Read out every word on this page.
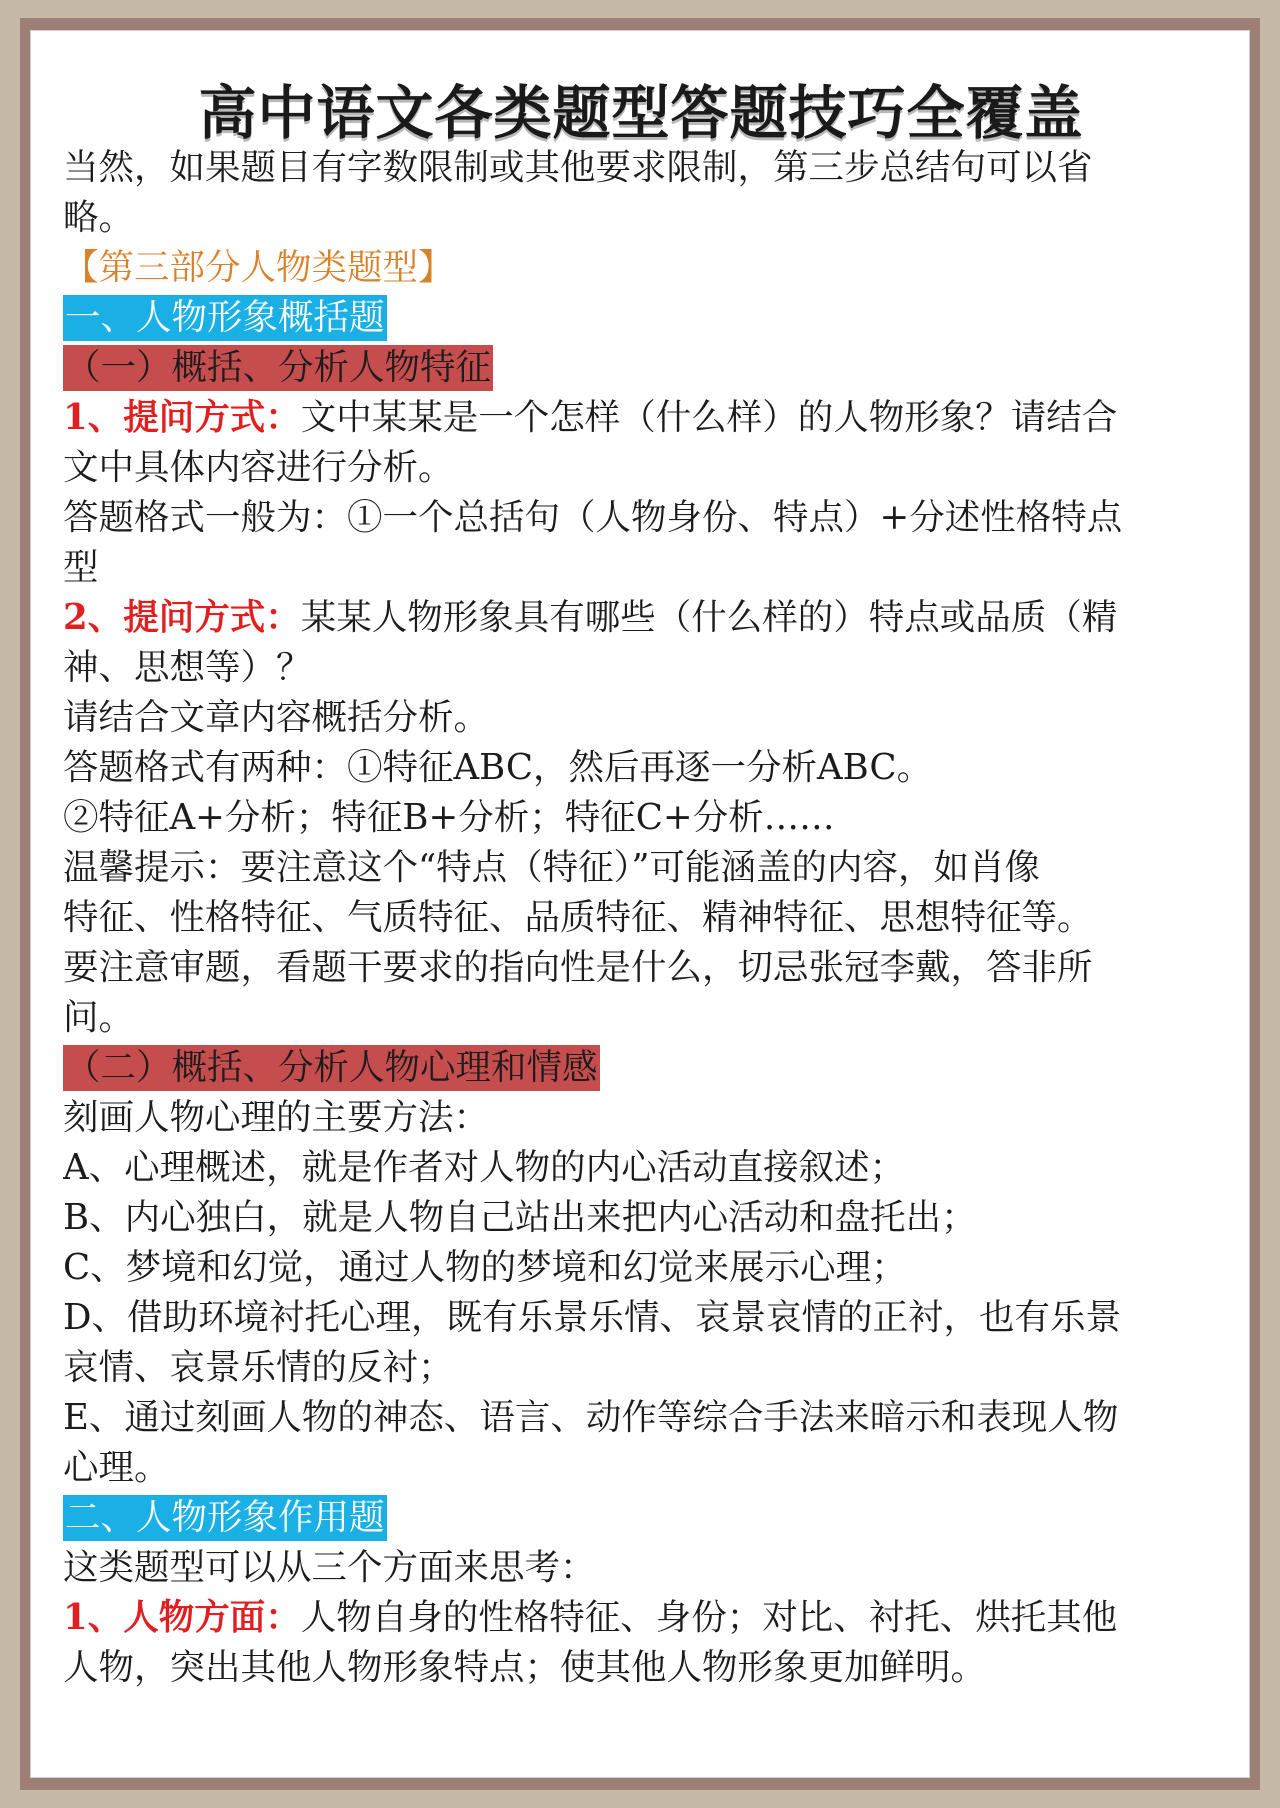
高中语文各类题型答题技巧全覆盖
当然，如果题目有字数限制或其他要求限制，第三步总结句可以省
略。
【第三部分人物类题型】
一、人物形象概括题
（一）概括、分析人物特征
1、提问方式：文中某某是一个怎样（什么样）的人物形象？请结合
文中具体内容进行分析。
答题格式一般为：①一个总括句（人物身份、特点）+分述性格特点
型
2、提问方式：某某人物形象具有哪些（什么样的）特点或品质（精
神、思想等）？
请结合文章内容概括分析。
答题格式有两种：①特征ABC，然后再逐一分析ABC。
②特征A+分析；特征B+分析；特征C+分析……
温馨提示：要注意这个“特点（特征）”可能涵盖的内容，如肖像
特征、性格特征、气质特征、品质特征、精神特征、思想特征等。
要注意审题，看题干要求的指向性是什么，切忌张冠李戴，答非所
问。
（二）概括、分析人物心理和情感
刻画人物心理的主要方法：
A、心理概述，就是作者对人物的内心活动直接叙述；
B、内心独白，就是人物自己站出来把内心活动和盘托出；
C、梦境和幻觉，通过人物的梦境和幻觉来展示心理；
D、借助环境衬托心理，既有乐景乐情、哀景哀情的正衬，也有乐景
哀情、哀景乐情的反衬；
E、通过刻画人物的神态、语言、动作等综合手法来暗示和表现人物
心理。
二、人物形象作用题
这类题型可以从三个方面来思考：
1、人物方面：人物自身的性格特征、身份；对比、衬托、烘托其他
人物，突出其他人物形象特点；使其他人物形象更加鲜明。
